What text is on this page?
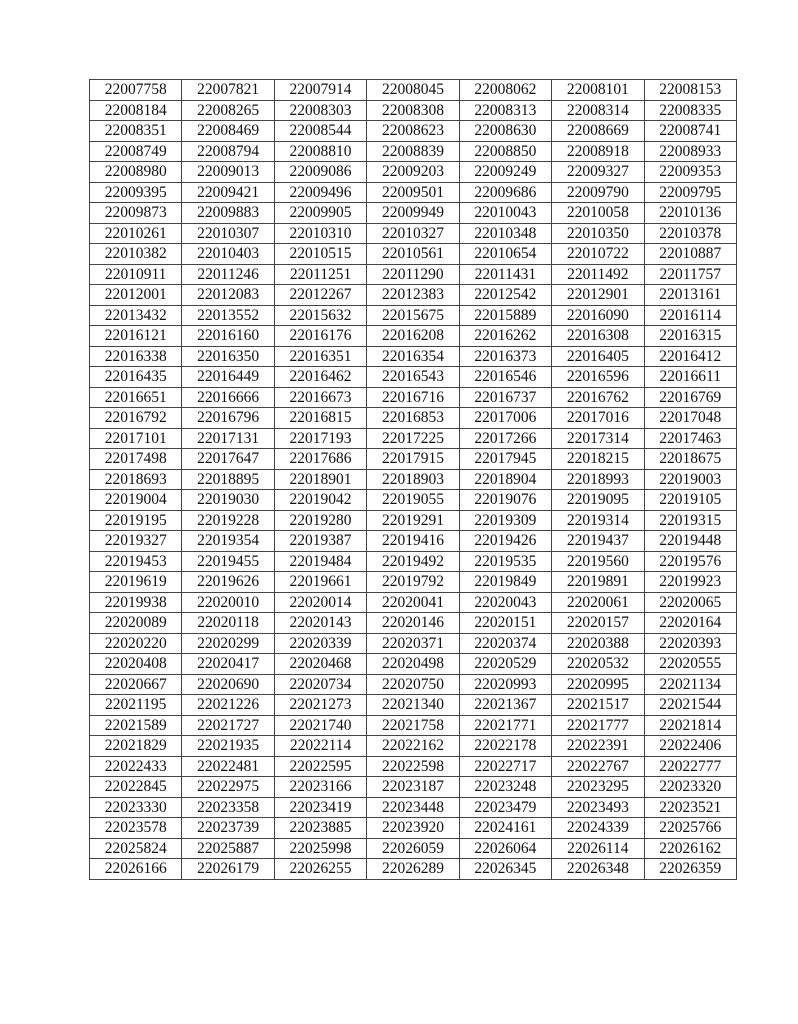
22007758	22007821	22007914	22008045	22008062	22008101	22008153
22008184	22008265	22008303	22008308	22008313	22008314	22008335
22008351	22008469	22008544	22008623	22008630	22008669	22008741
22008749	22008794	22008810	22008839	22008850	22008918	22008933
22008980	22009013	22009086	22009203	22009249	22009327	22009353
22009395	22009421	22009496	22009501	22009686	22009790	22009795
22009873	22009883	22009905	22009949	22010043	22010058	22010136
22010261	22010307	22010310	22010327	22010348	22010350	22010378
22010382	22010403	22010515	22010561	22010654	22010722	22010887
22010911	22011246	22011251	22011290	22011431	22011492	22011757
22012001	22012083	22012267	22012383	22012542	22012901	22013161
22013432	22013552	22015632	22015675	22015889	22016090	22016114
22016121	22016160	22016176	22016208	22016262	22016308	22016315
22016338	22016350	22016351	22016354	22016373	22016405	22016412
22016435	22016449	22016462	22016543	22016546	22016596	22016611
22016651	22016666	22016673	22016716	22016737	22016762	22016769
22016792	22016796	22016815	22016853	22017006	22017016	22017048
22017101	22017131	22017193	22017225	22017266	22017314	22017463
22017498	22017647	22017686	22017915	22017945	22018215	22018675
22018693	22018895	22018901	22018903	22018904	22018993	22019003
22019004	22019030	22019042	22019055	22019076	22019095	22019105
22019195	22019228	22019280	22019291	22019309	22019314	22019315
22019327	22019354	22019387	22019416	22019426	22019437	22019448
22019453	22019455	22019484	22019492	22019535	22019560	22019576
22019619	22019626	22019661	22019792	22019849	22019891	22019923
22019938	22020010	22020014	22020041	22020043	22020061	22020065
22020089	22020118	22020143	22020146	22020151	22020157	22020164
22020220	22020299	22020339	22020371	22020374	22020388	22020393
22020408	22020417	22020468	22020498	22020529	22020532	22020555
22020667	22020690	22020734	22020750	22020993	22020995	22021134
22021195	22021226	22021273	22021340	22021367	22021517	22021544
22021589	22021727	22021740	22021758	22021771	22021777	22021814
22021829	22021935	22022114	22022162	22022178	22022391	22022406
22022433	22022481	22022595	22022598	22022717	22022767	22022777
22022845	22022975	22023166	22023187	22023248	22023295	22023320
22023330	22023358	22023419	22023448	22023479	22023493	22023521
22023578	22023739	22023885	22023920	22024161	22024339	22025766
22025824	22025887	22025998	22026059	22026064	22026114	22026162
22026166	22026179	22026255	22026289	22026345	22026348	22026359
